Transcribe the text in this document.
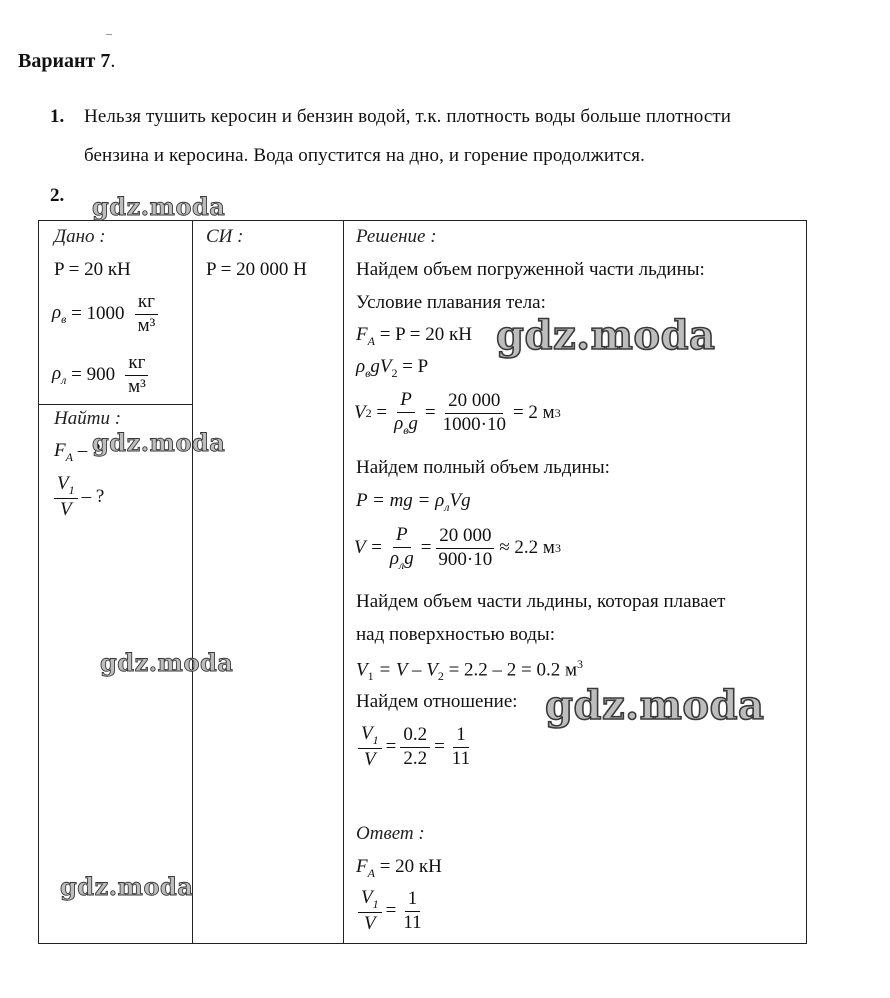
Вариант 7.
1. Нельзя тушить керосин и бензин водой, т.к. плотность воды больше плотности
бензина и керосина. Вода опустится на дно, и горение продолжится.
2.
Дано :
P = 20 кН
$\rho_в$
= $1000 \frac{кг}{\text{м³}}$
$\rho_л$
= $900 \frac{кг}{\text{м³}}$
Найти :
$F_A$ – ?
$\frac{V_1}{V}$ – ?
СИ :
P = 20 000 Н
Решение :
Найдем объем погруженной части льдины:
Условие плавания тела:
$F_A = P = 20$ кН
$\rho_вgV_2 = P$
V $2 = \frac{P}{\rho_вg} = \frac{20 000}{1000\cdot 10} = 2$ м 3
Найдем полный объем льдины:
P = mg = $\rho_лVg$
$V = \frac{P}{\rho_лg} = \frac{20 000}{900\cdot 10} \approx 2.2$ м 3
Найдем объем части льдины, которая плавает
над поверхностью воды:
$V_1 = V - V_2 = 2.2 - 2 = 0.2$ $м^3$
Найдем отношение:
$\frac{V_1}{V} = \frac{0.2}{2.2} = \frac{1}{11}$
Ответ :
$F_A = 20$ кН
$\frac{V_1}{V} = \frac{1}{11}$
gdz.moda
gdz.moda
gdz.moda
gdz.moda
gdz.moda
gdz.moda
